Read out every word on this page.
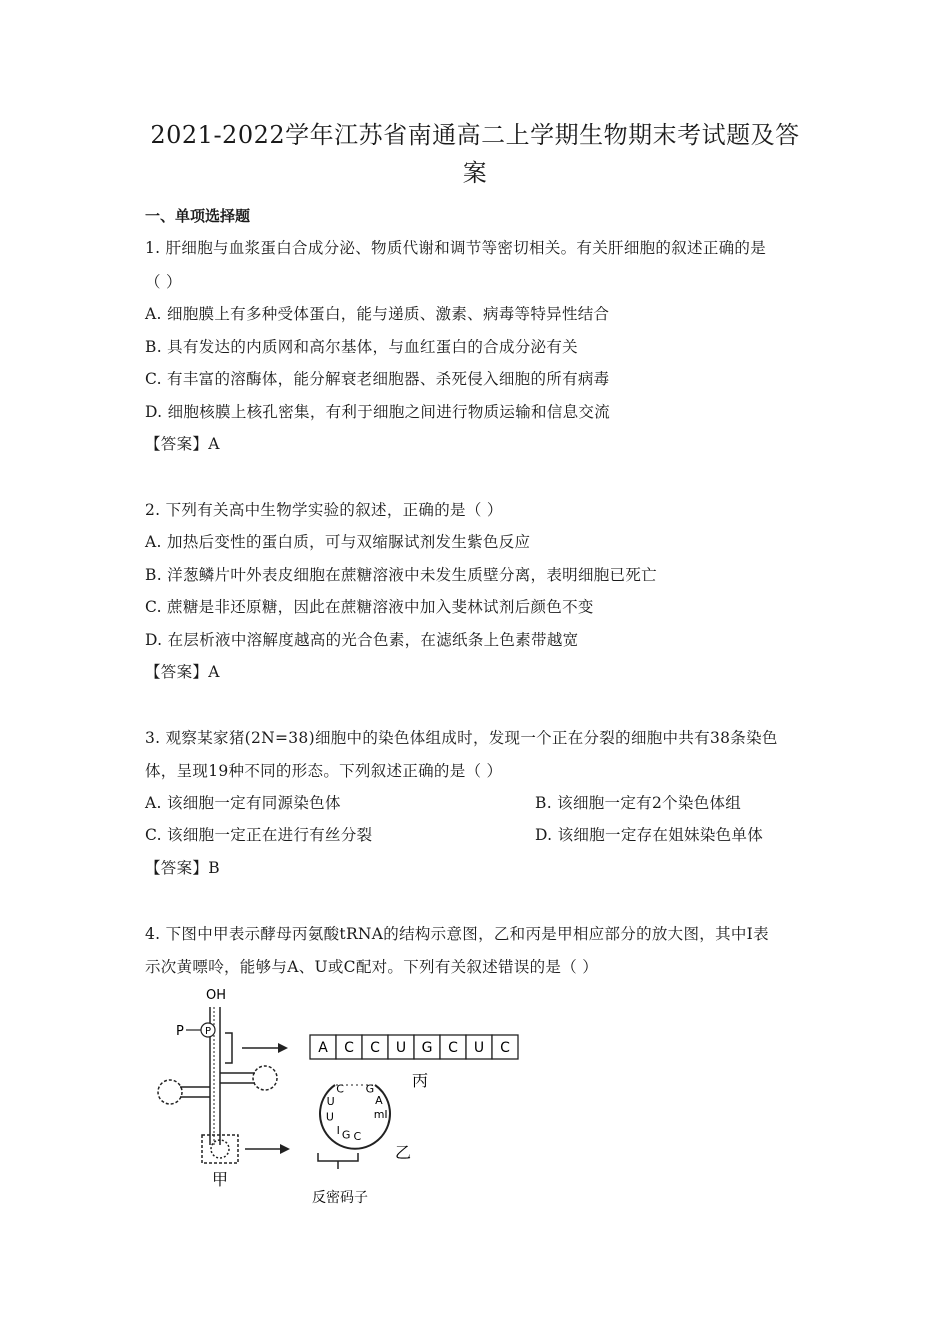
2021-2022学年江苏省南通高二上学期生物期末考试题及答
案
一、单项选择题
1. 肝细胞与血浆蛋白合成分泌、物质代谢和调节等密切相关。有关肝细胞的叙述正确的是
（ ）
A. 细胞膜上有多种受体蛋白，能与递质、激素、病毒等特异性结合
B. 具有发达的内质网和高尔基体，与血红蛋白的合成分泌有关
C. 有丰富的溶酶体，能分解衰老细胞器、杀死侵入细胞的所有病毒
D. 细胞核膜上核孔密集，有利于细胞之间进行物质运输和信息交流
【答案】A
2. 下列有关高中生物学实验的叙述，正确的是（ ）
A. 加热后变性的蛋白质，可与双缩脲试剂发生紫色反应
B. 洋葱鳞片叶外表皮细胞在蔗糖溶液中未发生质壁分离，表明细胞已死亡
C. 蔗糖是非还原糖，因此在蔗糖溶液中加入斐林试剂后颜色不变
D. 在层析液中溶解度越高的光合色素，在滤纸条上色素带越宽
【答案】A
3. 观察某家猪(2N=38)细胞中的染色体组成时，发现一个正在分裂的细胞中共有38条染色
体，呈现19种不同的形态。下列叙述正确的是（ ）
A. 该细胞一定有同源染色体	B. 该细胞一定有2个染色体组
C. 该细胞一定正在进行有丝分裂	D. 该细胞一定存在姐妹染色单体
【答案】B
4. 下图中甲表示酵母丙氨酸tRNA的结构示意图，乙和丙是甲相应部分的放大图，其中I表
示次黄嘌呤，能够与A、U或C配对。下列有关叙述错误的是（ ）
OH
P P
A C C U G C U C
丙
C
U
U
I
G
A
mI
G C
乙
甲
反密码子
